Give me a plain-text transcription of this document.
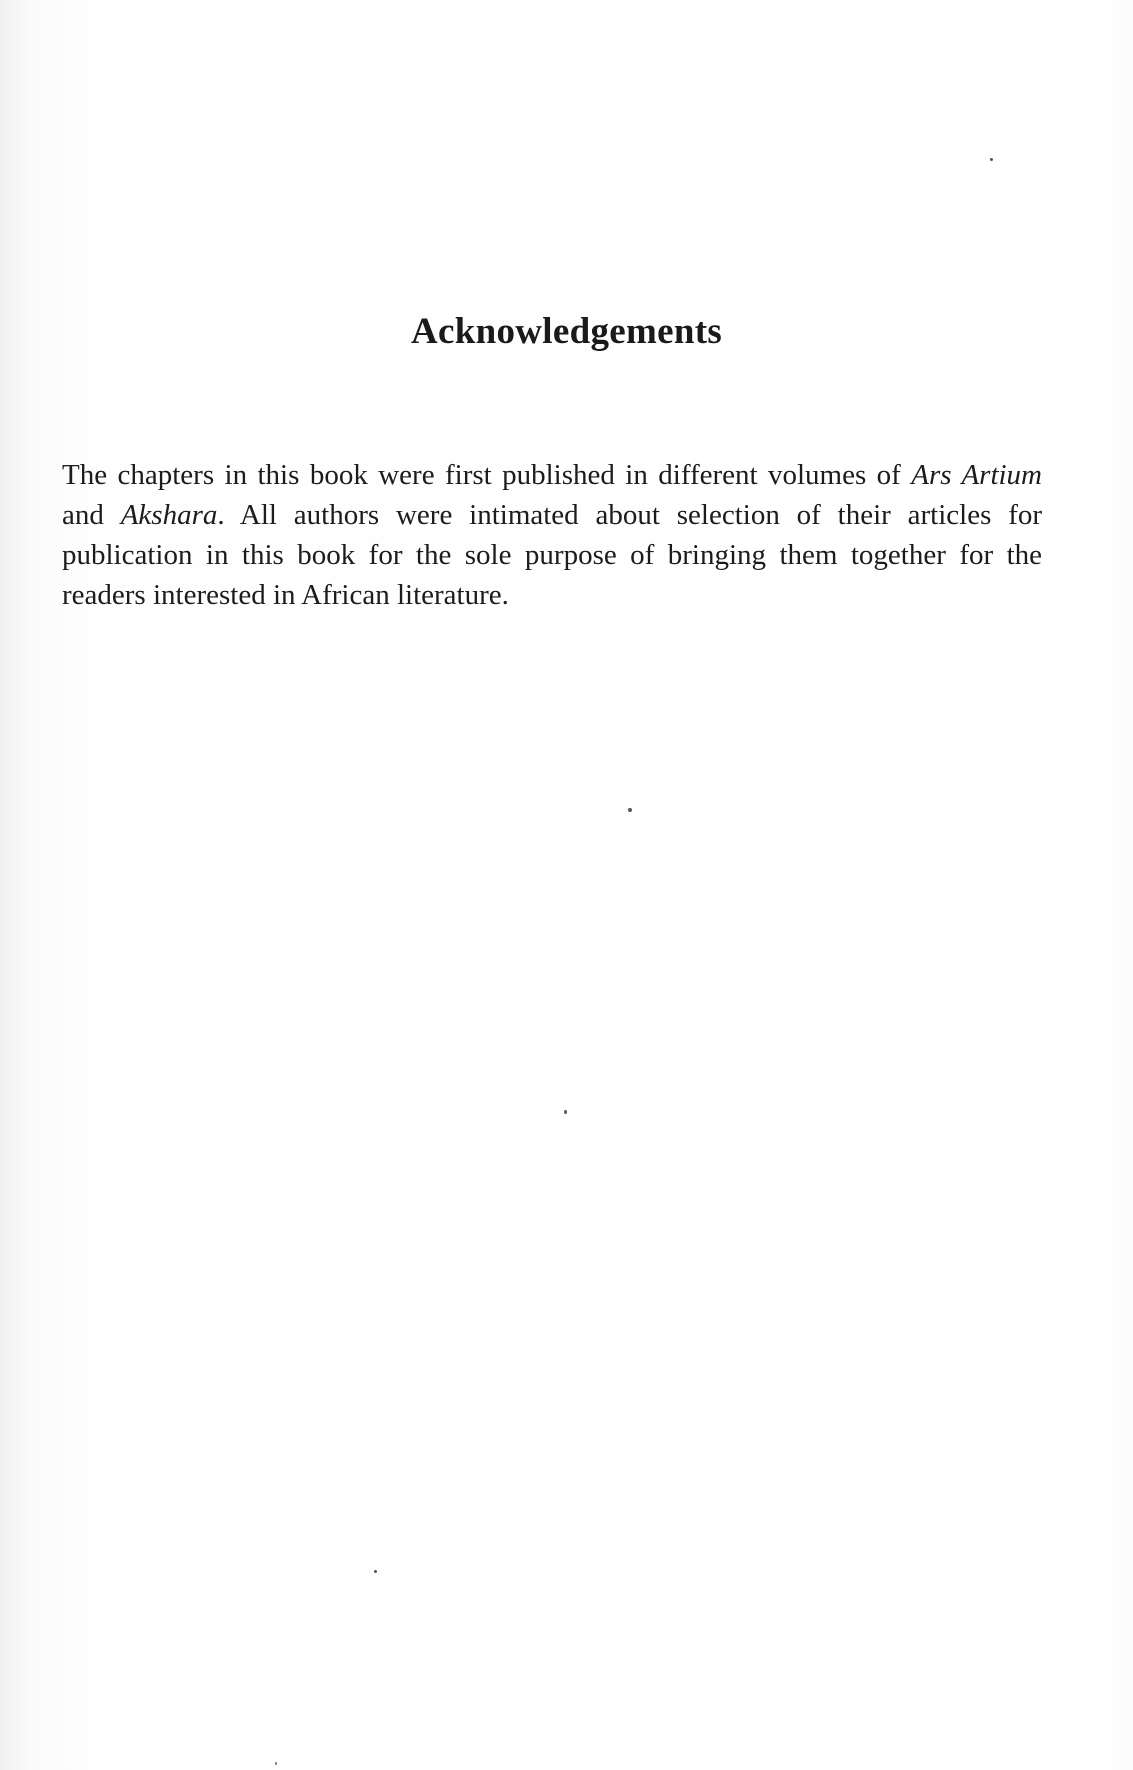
Acknowledgements

The chapters in this book were first published in different volumes of Ars Artium and Akshara. All authors were intimated about selection of their articles for publication in this book for the sole purpose of bringing them together for the readers interested in African literature.
